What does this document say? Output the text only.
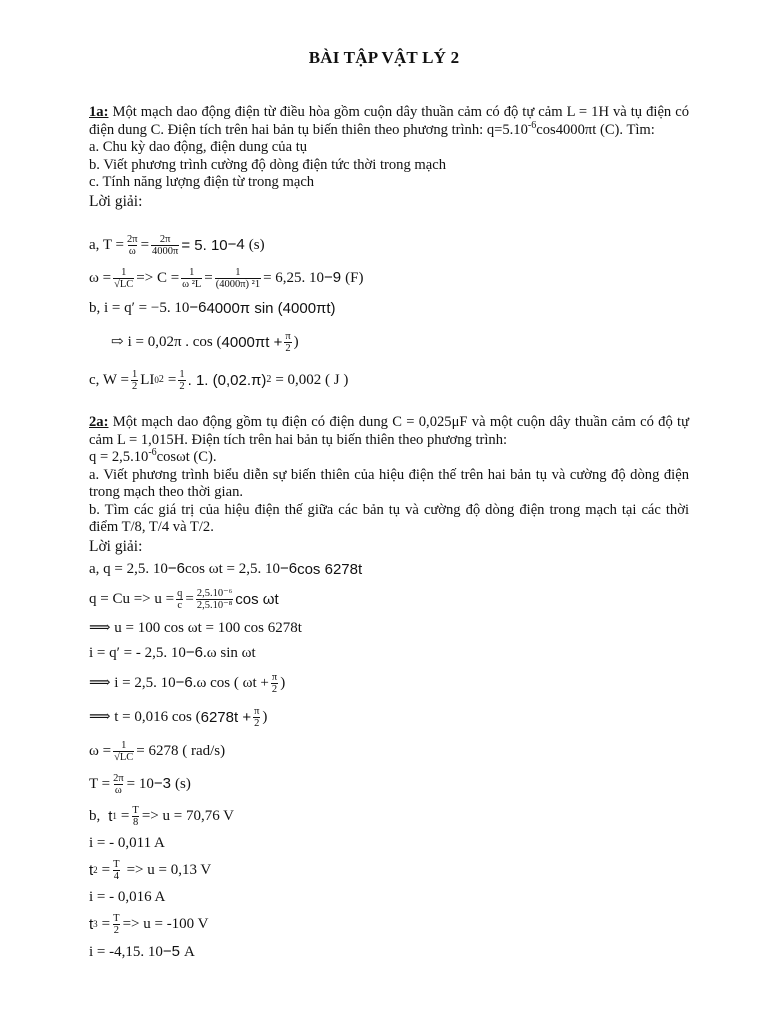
BÀI TẬP VẬT LÝ 2
1a: Một mạch dao động điện từ điều hòa gồm cuộn dây thuần cảm có độ tự cảm L = 1H và tụ điện có điện dung C. Điện tích trên hai bản tụ biến thiên theo phương trình: $q=5.10^{-6}\cos 4000\pi t$ (C). Tìm:
a. Chu kỳ dao động, điện dung của tụ
b. Viết phương trình cường độ dòng điện tức thời trong mạch
c. Tính năng lượng điện từ trong mạch
Lời giải:
a, $T = \frac{2\pi}{\omega} = \frac{2\pi}{4000\pi} = 5$. 10 −4 (s)
$\omega = \frac{1}{√LC} => C = \frac{1}{\text{ω ²L}} = \frac{1}{\text{(4000π) ²1}} = 6,25$. 10 −9 (F)
b, i = q′ = −5. 10 −6 4000π sin (4000πt)
⇨ i = 0,02π . cos ( $4000\pi t + \frac{\pi}{2}$ )
c, $W = \frac{1}{2}$ LI 0 $2 = \frac{1}{2}$ . 1. (0,02.π) 2 = 0,002 ( J )
2a: Một mạch dao động gồm tụ điện có điện dung C = 0,025μF và một cuộn dây thuần cảm có độ tự cảm L = 1,015H. Điện tích trên hai bản tụ biến thiên theo phương trình:
$q = 2,5.10^{-6}\cos\omega t$ (C).
a. Viết phương trình biểu diễn sự biến thiên của hiệu điện thế trên hai bản tụ và cường độ dòng điện trong mạch theo thời gian.
b. Tìm các giá trị của hiệu điện thế giữa các bản tụ và cường độ dòng điện trong mạch tại các thời điểm T/8, T/4 và T/2.
Lời giải:
a, q = 2,5. 10 −6 cos ωt = 2,5. 10 −6 cos 6278t
$q = Cu => u = \frac{q}{c} = \frac{\text{2,5.10⁻⁶}}{\text{2,5.10⁻⁸}}$ cos ωt
⟹ u = 100 cos ωt = 100 cos 6278t
i = q′ = - 2,5. 10 −6 .ω sin ωt
⟹ i = 2,5. 10 −6 .ω cos ( $\omega t + \frac{\pi}{2}$ )
⟹ t = 0,016 cos ( $6278t + \frac{\pi}{2}$ )
$\omega = \frac{1}{√LC} = 6278$ ( rad/s)
$T = \frac{2\pi}{\omega} = 10 -3$ (s)
b, t $1 = \frac{T}{8} => u = 70,76$ V
i = - 0,011 A
t $2 = \frac{T}{4} => u = 0,13$ V
i = - 0,016 A
t $3 = \frac{T}{2} => u = -100$ V
i = -4,15. 10 −5 A
